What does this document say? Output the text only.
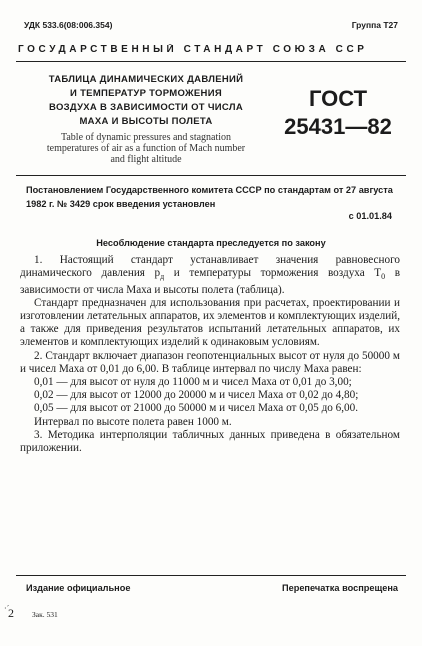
УДК 533.6(08:006.354)	Группа Т27
ГОСУДАРСТВЕННЫЙ СТАНДАРТ СОЮЗА ССР
ТАБЛИЦА ДИНАМИЧЕСКИХ ДАВЛЕНИЙ И ТЕМПЕРАТУР ТОРМОЖЕНИЯ ВОЗДУХА В ЗАВИСИМОСТИ ОТ ЧИСЛА МАХА И ВЫСОТЫ ПОЛЕТА
Table of dynamic pressures and stagnation temperatures of air as a function of Mach number and flight altitude
ГОСТ
25431—82
Постановлением Государственного комитета СССР по стандартам от 27 августа 1982 г. № 3429 срок введения установлен
с 01.01.84
Несоблюдение стандарта преследуется по закону

1. Настоящий стандарт устанавливает значения равновесного динамического давления $p_д$ и температуры торможения воздуха $T_0$ в зависимости от числа Маха и высоты полета (таблица).

Стандарт предназначен для использования при расчетах, проектировании и изготовлении летательных аппаратов, их элементов и комплектующих изделий, а также для приведения результатов испытаний летательных аппаратов, их элементов и комплектующих изделий к одинаковым условиям.

2. Стандарт включает диапазон геопотенциальных высот от нуля до 50000 м и чисел Маха от 0,01 до 6,00. В таблице интервал по числу Маха равен:

0,01 — для высот от нуля до 11000 м и чисел Маха от 0,01 до 3,00;

0,02 — для высот от 12000 до 20000 м и чисел Маха от 0,02 до 4,80;

0,05 — для высот от 21000 до 50000 м и чисел Маха от 0,05 до 6,00.

Интервал по высоте полета равен 1000 м.

3. Методика интерполяции табличных данных приведена в обязательном приложении.

Издание официальное	Перепечатка воспрещена
·´
2 Зак. 531
